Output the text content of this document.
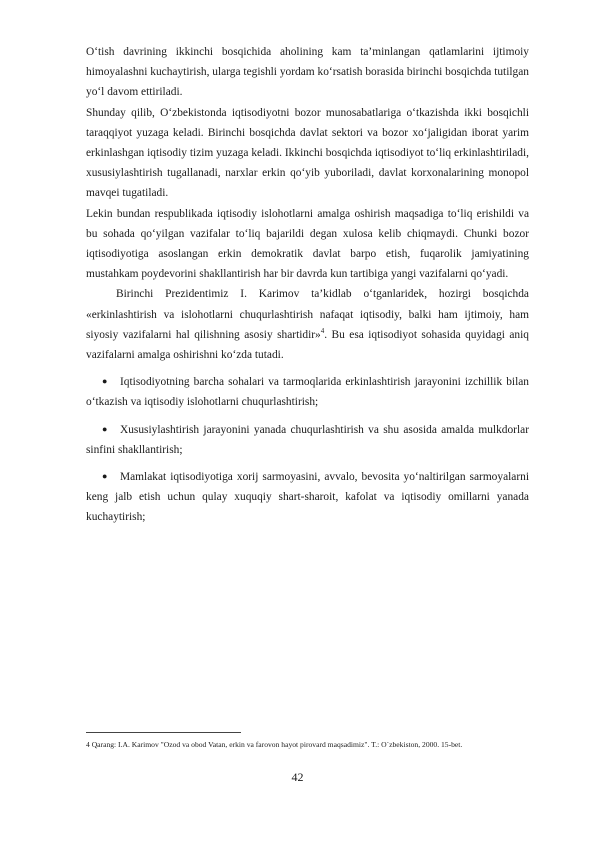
O‘tish davrining ikkinchi bosqichida aholining kam ta’minlangan qatlamlarini ijtimoiy himoyalashni kuchaytirish, ularga tegishli yordam ko‘rsatish borasida birinchi bosqichda tutilgan yo‘l davom ettiriladi.

Shunday qilib, O‘zbekistonda iqtisodiyotni bozor munosabatlariga o‘tkazishda ikki bosqichli taraqqiyot yuzaga keladi. Birinchi bosqichda davlat sektori va bozor xo‘jaligidan iborat yarim erkinlashgan iqtisodiy tizim yuzaga keladi. Ikkinchi bosqichda iqtisodiyot to‘liq erkinlashtiriladi, xususiylashtirish tugallanadi, narxlar erkin qo‘yib yuboriladi, davlat korxonalarining monopol mavqei tugatiladi.

Lekin bundan respublikada iqtisodiy islohotlarni amalga oshirish maqsadiga to‘liq erishildi va bu sohada qo‘yilgan vazifalar to‘liq bajarildi degan xulosa kelib chiqmaydi. Chunki bozor iqtisodiyotiga asoslangan erkin demokratik davlat barpo etish, fuqarolik jamiyatining mustahkam poydevorini shakllantirish har bir davrda kun tartibiga yangi vazifalarni qo‘yadi.

Birinchi Prezidentimiz I. Karimov ta’kidlab o‘tganlaridek, hozirgi bosqichda «erkinlashtirish va islohotlarni chuqurlashtirish nafaqat iqtisodiy, balki ham ijtimoiy, ham siyosiy vazifalarni hal qilishning asosiy shartidir»$^4$. Bu esa iqtisodiyot sohasida quyidagi aniq vazifalarni amalga oshirishni ko‘zda tutadi.

● Iqtisodiyotning barcha sohalari va tarmoqlarida erkinlashtirish jarayonini izchillik bilan o‘tkazish va iqtisodiy islohotlarni chuqurlashtirish;

● Xususiylashtirish jarayonini yanada chuqurlashtirish va shu asosida amalda mulkdorlar sinfini shakllantirish;

● Mamlakat iqtisodiyotiga xorij sarmoyasini, avvalo, bevosita yo‘naltirilgan sarmoyalarni keng jalb etish uchun qulay xuquqiy shart-sharoit, kafolat va iqtisodiy omillarni yanada kuchaytirish;

4 Qarang: I.A. Karimov "Ozod va obod Vatan, erkin va farovon hayot pirovard maqsadimiz". T.: O`zbekiston, 2000. 15-bet.

42
